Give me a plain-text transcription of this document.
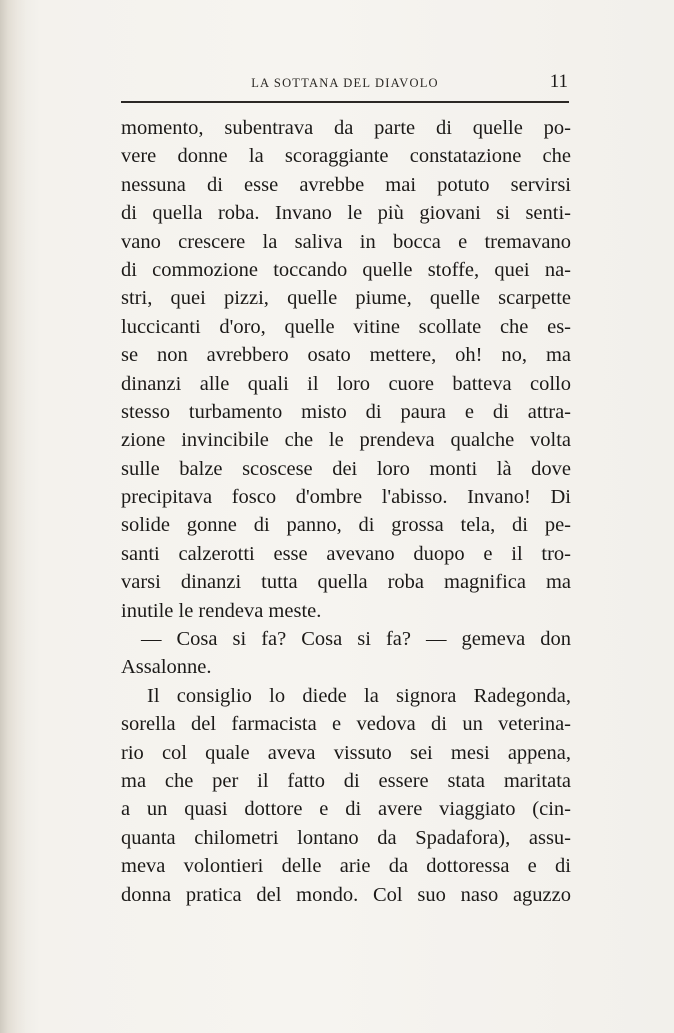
LA SOTTANA DEL DIAVOLO	11
momento, subentrava da parte di quelle po-
vere donne la scoraggiante constatazione che
nessuna di esse avrebbe mai potuto servirsi
di quella roba. Invano le più giovani si senti-
vano crescere la saliva in bocca e tremavano
di commozione toccando quelle stoffe, quei na-
stri, quei pizzi, quelle piume, quelle scarpette
luccicanti d'oro, quelle vitine scollate che es-
se non avrebbero osato mettere, oh! no, ma
dinanzi alle quali il loro cuore batteva collo
stesso turbamento misto di paura e di attra-
zione invincibile che le prendeva qualche volta
sulle balze scoscese dei loro monti là dove
precipitava fosco d'ombre l'abisso. Invano! Di
solide gonne di panno, di grossa tela, di pe-
santi calzerotti esse avevano duopo e il tro-
varsi dinanzi tutta quella roba magnifica ma
inutile le rendeva meste.
— Cosa si fa? Cosa si fa? — gemeva don
Assalonne.
Il consiglio lo diede la signora Radegonda,
sorella del farmacista e vedova di un veterina-
rio col quale aveva vissuto sei mesi appena,
ma che per il fatto di essere stata maritata
a un quasi dottore e di avere viaggiato (cin-
quanta chilometri lontano da Spadafora), assu-
meva volontieri delle arie da dottoressa e di
donna pratica del mondo. Col suo naso aguzzo
